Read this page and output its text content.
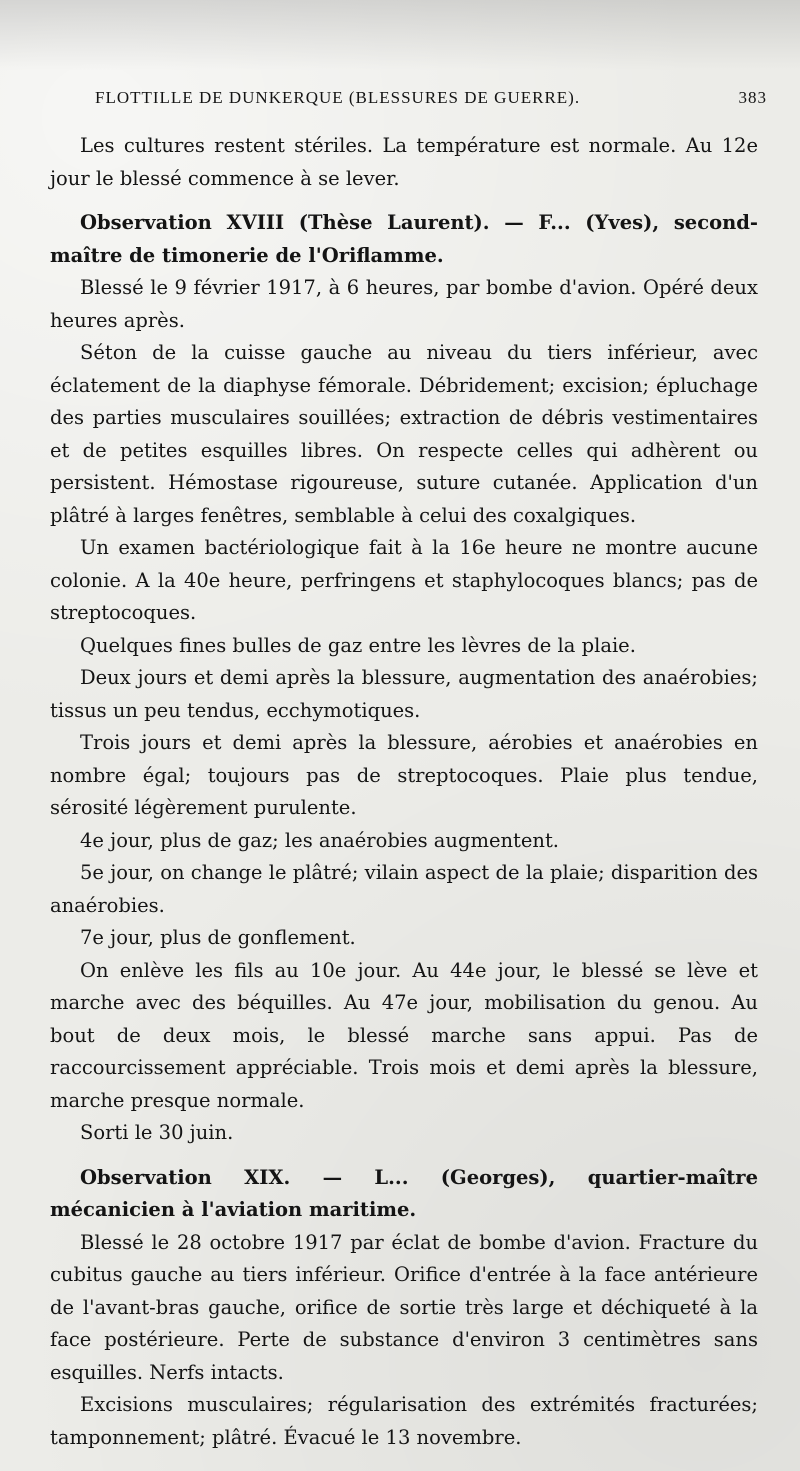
FLOTTILLE DE DUNKERQUE (BLESSURES DE GUERRE).	383

Les cultures restent stériles. La température est normale. Au 12e jour le blessé commence à se lever.

Observation XVIII (Thèse Laurent). — F... (Yves), second-maître de timonerie de l'Oriflamme.

Blessé le 9 février 1917, à 6 heures, par bombe d'avion. Opéré deux heures après.

Séton de la cuisse gauche au niveau du tiers inférieur, avec éclatement de la diaphyse fémorale. Débridement; excision; épluchage des parties musculaires souillées; extraction de débris vestimentaires et de petites esquilles libres. On respecte celles qui adhèrent ou persistent. Hémostase rigoureuse, suture cutanée. Application d'un plâtré à larges fenêtres, semblable à celui des coxalgiques.

Un examen bactériologique fait à la 16e heure ne montre aucune colonie. A la 40e heure, perfringens et staphylocoques blancs; pas de streptocoques.

Quelques fines bulles de gaz entre les lèvres de la plaie.

Deux jours et demi après la blessure, augmentation des anaérobies; tissus un peu tendus, ecchymotiques.

Trois jours et demi après la blessure, aérobies et anaérobies en nombre égal; toujours pas de streptocoques. Plaie plus tendue, sérosité légèrement purulente.

4e jour, plus de gaz; les anaérobies augmentent.

5e jour, on change le plâtré; vilain aspect de la plaie; disparition des anaérobies.

7e jour, plus de gonflement.

On enlève les fils au 10e jour. Au 44e jour, le blessé se lève et marche avec des béquilles. Au 47e jour, mobilisation du genou. Au bout de deux mois, le blessé marche sans appui. Pas de raccourcissement appréciable. Trois mois et demi après la blessure, marche presque normale.

Sorti le 30 juin.

Observation XIX. — L... (Georges), quartier-maître mécanicien à l'aviation maritime.

Blessé le 28 octobre 1917 par éclat de bombe d'avion. Fracture du cubitus gauche au tiers inférieur. Orifice d'entrée à la face antérieure de l'avant-bras gauche, orifice de sortie très large et déchiqueté à la face postérieure. Perte de substance d'environ 3 centimètres sans esquilles. Nerfs intacts.

Excisions musculaires; régularisation des extrémités fracturées; tamponnement; plâtré. Évacué le 13 novembre.
